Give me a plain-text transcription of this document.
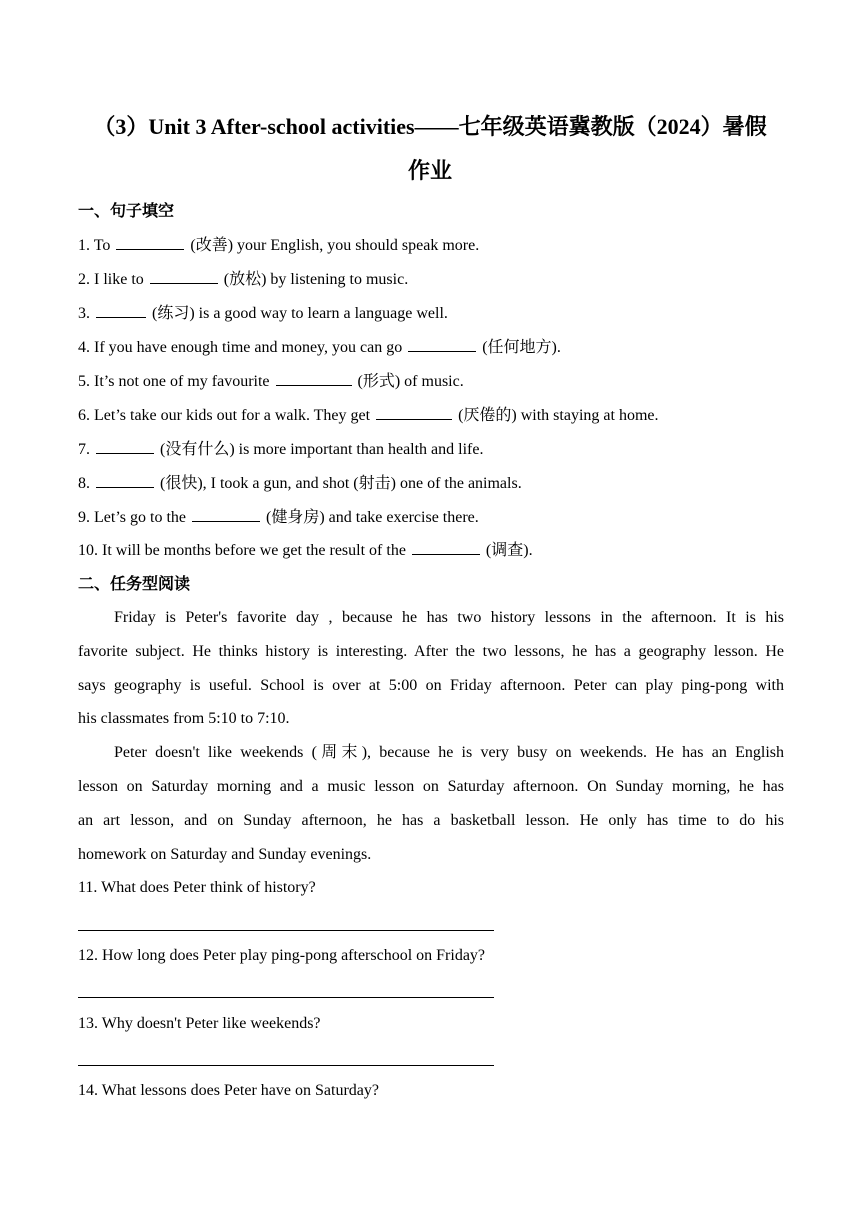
（3）Unit 3 After-school activities——七年级英语冀教版（2024）暑假
作业
一、句子填空
1. To	(改善) your English, you should speak more.
2. I like to	(放松) by listening to music.
3.	(练习) is a good way to learn a language well.
4. If you have enough time and money, you can go	(任何地方).
5. It’s not one of my favourite	(形式) of music.
6. Let’s take our kids out for a walk. They get	(厌倦的) with staying at home.
7.	(没有什么) is more important than health and life.
8.	(很快), I took a gun, and shot (射击) one of the animals.
9. Let’s go to the	(健身房) and take exercise there.
10. It will be months before we get the result of the	(调查).
二、任务型阅读
Friday is Peter's favorite day , because he has two history lessons in the afternoon. It is his
favorite subject. He thinks history is interesting. After the two lessons, he has a geography lesson. He
says geography is useful. School is over at 5:00 on Friday afternoon. Peter can play ping-pong with
his classmates from 5:10 to 7:10.
Peter doesn't like weekends (周末), because he is very busy on weekends. He has an English
lesson on Saturday morning and a music lesson on Saturday afternoon. On Sunday morning, he has
an art lesson, and on Sunday afternoon, he has a basketball lesson. He only has time to do his
homework on Saturday and Sunday evenings.
11. What does Peter think of history?
12. How long does Peter play ping-pong afterschool on Friday?
13. Why doesn't Peter like weekends?
14. What lessons does Peter have on Saturday?
